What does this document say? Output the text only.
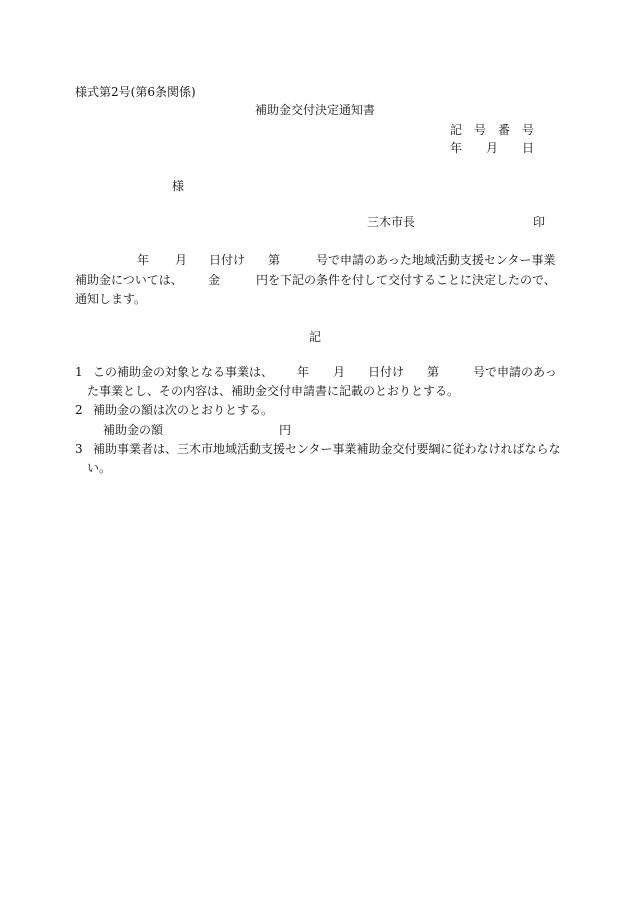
様式第2号(第6条関係)
補助金交付決定通知書
記 号 番 号
年 月 日
様
三木市長	印
年 月 日付け 第	号で申請のあった地域活動支援センター事業
補助金については、 金	円を下記の条件を付して交付することに決定したので、
通知します。
記
1 この補助金の対象となる事業は、 年 月 日付け 第	号で申請のあっ
た事業とし、その内容は、補助金交付申請書に記載のとおりとする。
2 補助金の額は次のとおりとする。
補助金の額	円
3 補助事業者は、三木市地域活動支援センター事業補助金交付要綱に従わなければならな
い。
